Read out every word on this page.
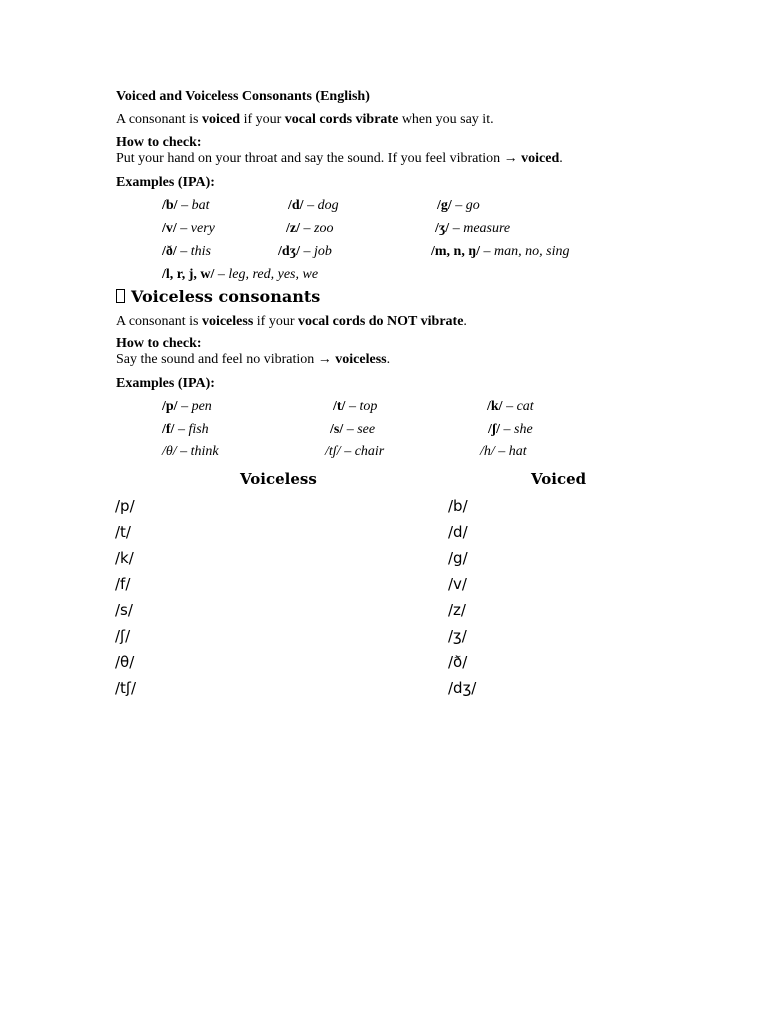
Voiced and Voiceless Consonants (English)
A consonant is voiced if your vocal cords vibrate when you say it.
How to check:
Put your hand on your throat and say the sound. If you feel vibration → voiced.
Examples (IPA):
/b/ – bat	/d/ – dog	/g/ – go
/v/ – very	/z/ – zoo	/ʒ/ – measure
/ð/ – this	/dʒ/ – job	/m, n, ŋ/ – man, no, sing
/l, r, j, w/ – leg, red, yes, we
Voiceless consonants
A consonant is voiceless if your vocal cords do NOT vibrate.
How to check:
Say the sound and feel no vibration → voiceless.
Examples (IPA):
/p/ – pen	/t/ – top	/k/ – cat
/f/ – fish	/s/ – see	/ʃ/ – she
/θ/ – think	/tʃ/ – chair	/h/ – hat
Voiceless	Voiced
/p/	/b/
/t/	/d/
/k/	/g/
/f/	/v/
/s/	/z/
/ʃ/	/ʒ/
/θ/	/ð/
/tʃ/	/dʒ/
